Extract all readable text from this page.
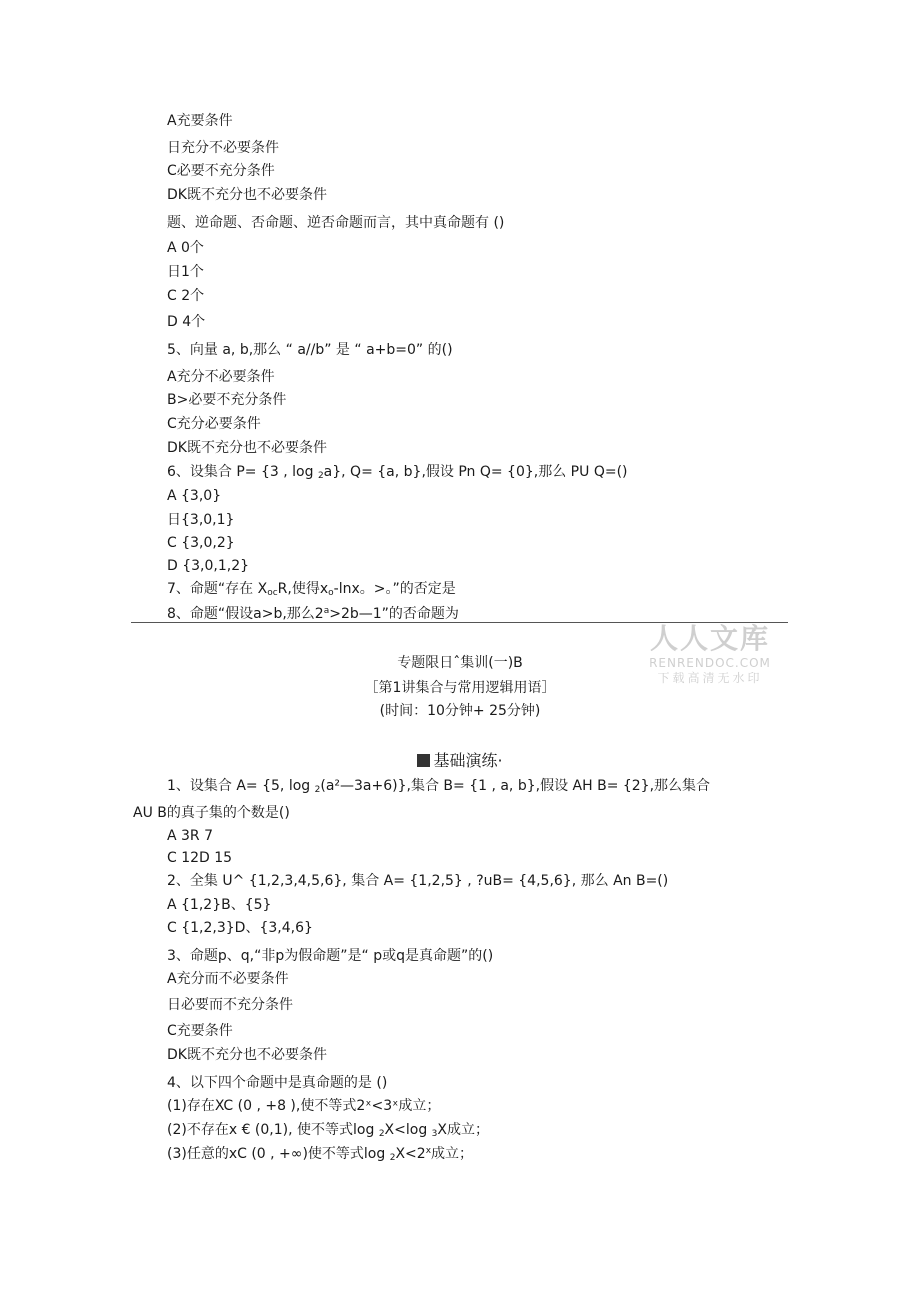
A充要条件
日充分不必要条件
C必要不充分条件
DK既不充分也不必要条件
题、逆命题、否命题、逆否命题而言，其中真命题有 ()
A 0个
日1个
C 2个
D 4个
5、向量 a, b,那么 “ a//b” 是 “ a+b=0” 的()
A充分不必要条件
B>必要不充分条件
C充分必要条件
DK既不充分也不必要条件
6、设集合 P= {3 , log 2a}, Q= {a, b},假设 Pn Q= {0},那么 PU Q=()
A {3,0}
日{3,0,1}
C {3,0,2}
D {3,0,1,2}
7、命题“存在 XocR,使得xo-lnx。>。”的否定是
8、命题“假设a>b,那么$2^a>2b—1$”的否命题为
人人文库
RENRENDOC.COM
下载高清无水印
专题限日ˆ集训(一)B
［第1讲集合与常用逻辑用语］
(时间：10分钟+ 25分钟)
基础演练·
1、设集合 A= {5, log 2(a²—3a+6)},集合 B= {1 , a, b},假设 AH B= {2},那么集合
AU B的真子集的个数是()
A 3R 7
C 12D 15
2、全集 U^ {1,2,3,4,5,6}, 集合 A= {1,2,5} , ?uB= {4,5,6}, 那么 An B=()
A {1,2}B、{5}
C {1,2,3}D、{3,4,6}
3、命题p、q,“非p为假命题”是“ p或q是真命题”的()
A充分而不必要条件
日必要而不充分条件
C充要条件
DK既不充分也不必要条件
4、以下四个命题中是真命题的是 ()
(1)存在XC (0 , +8 ),使不等式2ˣ<3ˣ成立；
(2)不存在x € (0,1), 使不等式log 2X<log 3X成立；
(3)任意的xC (0 , +∞)使不等式$\log 2X<2^x$成立；
